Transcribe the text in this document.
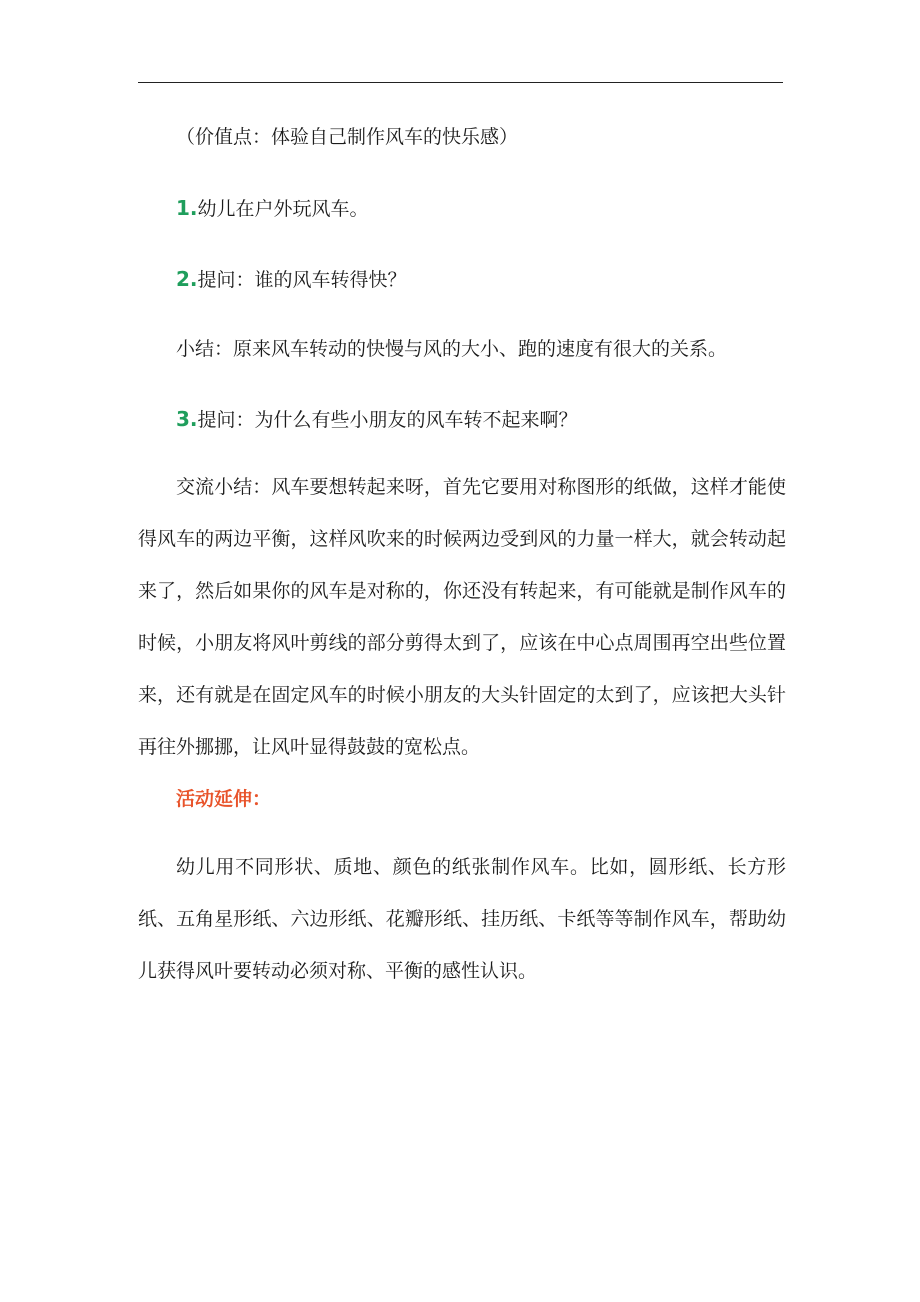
（价值点：体验自己制作风车的快乐感）
1.幼儿在户外玩风车。
2.提问：谁的风车转得快？
小结：原来风车转动的快慢与风的大小、跑的速度有很大的关系。
3.提问：为什么有些小朋友的风车转不起来啊？
交流小结：风车要想转起来呀，首先它要用对称图形的纸做，这样才能使得风车的两边平衡，这样风吹来的时候两边受到风的力量一样大，就会转动起来了，然后如果你的风车是对称的，你还没有转起来，有可能就是制作风车的时候，小朋友将风叶剪线的部分剪得太到了，应该在中心点周围再空出些位置来，还有就是在固定风车的时候小朋友的大头针固定的太到了，应该把大头针再往外挪挪，让风叶显得鼓鼓的宽松点。
活动延伸：
幼儿用不同形状、质地、颜色的纸张制作风车。比如，圆形纸、长方形纸、五角星形纸、六边形纸、花瓣形纸、挂历纸、卡纸等等制作风车，帮助幼儿获得风叶要转动必须对称、平衡的感性认识。
